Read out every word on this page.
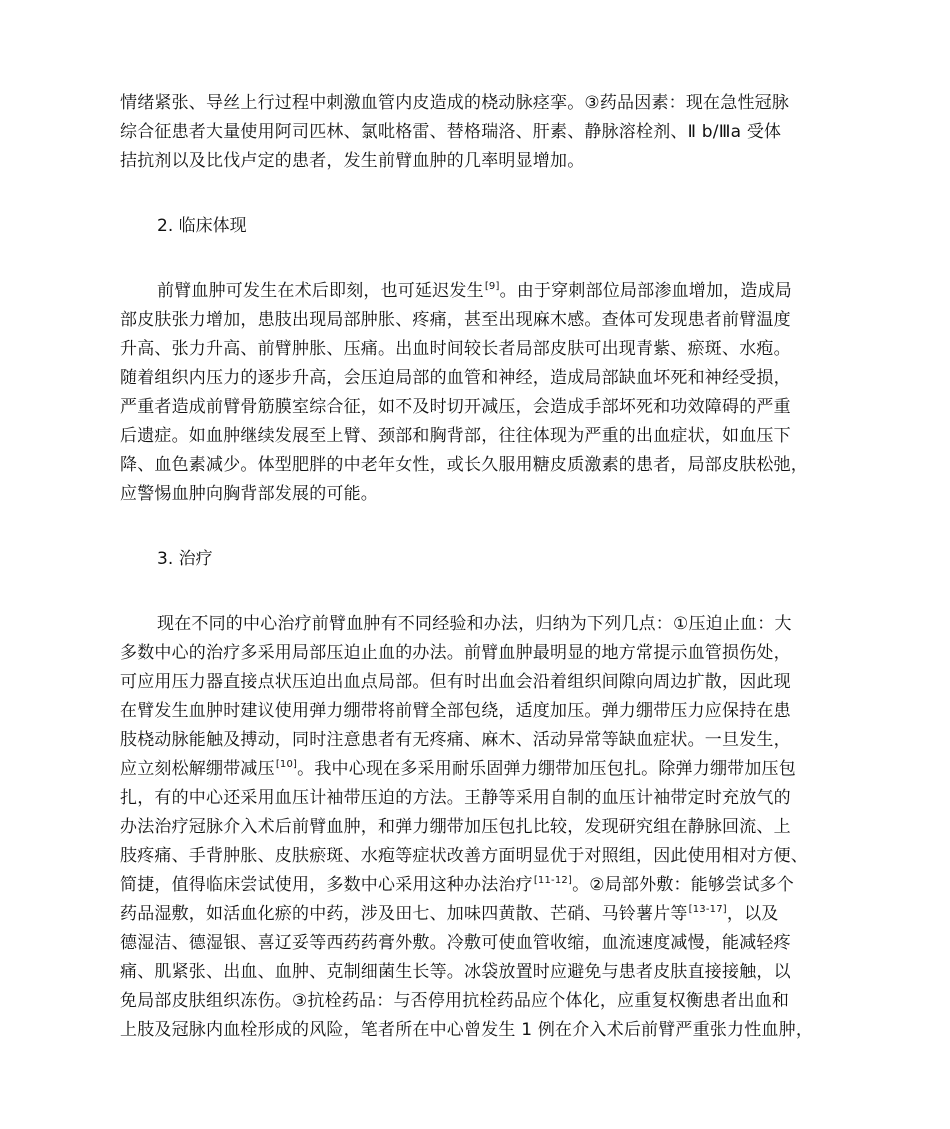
情绪紧张、导丝上行过程中刺激血管内皮造成的桡动脉痉挛。③药品因素：现在急性冠脉
综合征患者大量使用阿司匹林、氯吡格雷、替格瑞洛、肝素、静脉溶栓剂、Ⅱ b/Ⅲa 受体
拮抗剂以及比伐卢定的患者，发生前臂血肿的几率明显增加。
2. 临床体现
前臂血肿可发生在术后即刻，也可延迟发生[9]。由于穿刺部位局部渗血增加，造成局
部皮肤张力增加，患肢出现局部肿胀、疼痛，甚至出现麻木感。查体可发现患者前臂温度
升高、张力升高、前臂肿胀、压痛。出血时间较长者局部皮肤可出现青紫、瘀斑、水疱。
随着组织内压力的逐步升高，会压迫局部的血管和神经，造成局部缺血坏死和神经受损，
严重者造成前臂骨筋膜室综合征，如不及时切开减压，会造成手部坏死和功效障碍的严重
后遗症。如血肿继续发展至上臂、颈部和胸背部，往往体现为严重的出血症状，如血压下
降、血色素减少。体型肥胖的中老年女性，或长久服用糖皮质激素的患者，局部皮肤松弛，
应警惕血肿向胸背部发展的可能。
3. 治疗
现在不同的中心治疗前臂血肿有不同经验和办法，归纳为下列几点：①压迫止血：大
多数中心的治疗多采用局部压迫止血的办法。前臂血肿最明显的地方常提示血管损伤处，
可应用压力器直接点状压迫出血点局部。但有时出血会沿着组织间隙向周边扩散，因此现
在臂发生血肿时建议使用弹力绷带将前臂全部包绕，适度加压。弹力绷带压力应保持在患
肢桡动脉能触及搏动，同时注意患者有无疼痛、麻木、活动异常等缺血症状。一旦发生，
应立刻松解绷带减压[10]。我中心现在多采用耐乐固弹力绷带加压包扎。除弹力绷带加压包
扎，有的中心还采用血压计袖带压迫的方法。王静等采用自制的血压计袖带定时充放气的
办法治疗冠脉介入术后前臂血肿，和弹力绷带加压包扎比较，发现研究组在静脉回流、上
肢疼痛、手背肿胀、皮肤瘀斑、水疱等症状改善方面明显优于对照组，因此使用相对方便、
简捷，值得临床尝试使用，多数中心采用这种办法治疗[11-12]。②局部外敷：能够尝试多个
药品湿敷，如活血化瘀的中药，涉及田七、加味四黄散、芒硝、马铃薯片等[13-17]，以及
德湿洁、德湿银、喜辽妥等西药药膏外敷。冷敷可使血管收缩，血流速度减慢，能减轻疼
痛、肌紧张、出血、血肿、克制细菌生长等。冰袋放置时应避免与患者皮肤直接接触，以
免局部皮肤组织冻伤。③抗栓药品：与否停用抗栓药品应个体化，应重复权衡患者出血和
上肢及冠脉内血栓形成的风险，笔者所在中心曾发生 1 例在介入术后前臂严重张力性血肿，
